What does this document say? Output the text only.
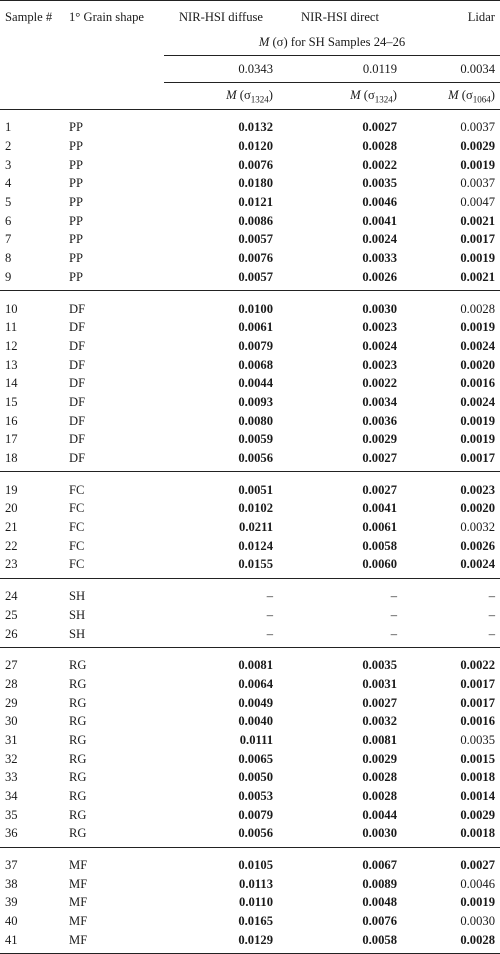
Sample #	1° Grain shape	NIR-HSI diffuse	NIR-HSI direct	Lidar
		M (σ) for SH Samples 24–26		
		0.0343	0.0119	0.0034
		M $(\sigma_{1324})$	M $(\sigma_{1324})$	M $(\sigma_{1064})$
1	PP	0.0132	0.0027	0.0037
2	PP	0.0120	0.0028	0.0029
3	PP	0.0076	0.0022	0.0019
4	PP	0.0180	0.0035	0.0037
5	PP	0.0121	0.0046	0.0047
6	PP	0.0086	0.0041	0.0021
7	PP	0.0057	0.0024	0.0017
8	PP	0.0076	0.0033	0.0019
9	PP	0.0057	0.0026	0.0021
10	DF	0.0100	0.0030	0.0028
11	DF	0.0061	0.0023	0.0019
12	DF	0.0079	0.0024	0.0024
13	DF	0.0068	0.0023	0.0020
14	DF	0.0044	0.0022	0.0016
15	DF	0.0093	0.0034	0.0024
16	DF	0.0080	0.0036	0.0019
17	DF	0.0059	0.0029	0.0019
18	DF	0.0056	0.0027	0.0017
19	FC	0.0051	0.0027	0.0023
20	FC	0.0102	0.0041	0.0020
21	FC	0.0211	0.0061	0.0032
22	FC	0.0124	0.0058	0.0026
23	FC	0.0155	0.0060	0.0024
24	SH	–	–	–
25	SH	–	–	–
26	SH	–	–	–
27	RG	0.0081	0.0035	0.0022
28	RG	0.0064	0.0031	0.0017
29	RG	0.0049	0.0027	0.0017
30	RG	0.0040	0.0032	0.0016
31	RG	0.0111	0.0081	0.0035
32	RG	0.0065	0.0029	0.0015
33	RG	0.0050	0.0028	0.0018
34	RG	0.0053	0.0028	0.0014
35	RG	0.0079	0.0044	0.0029
36	RG	0.0056	0.0030	0.0018
37	MF	0.0105	0.0067	0.0027
38	MF	0.0113	0.0089	0.0046
39	MF	0.0110	0.0048	0.0019
40	MF	0.0165	0.0076	0.0030
41	MF	0.0129	0.0058	0.0028
